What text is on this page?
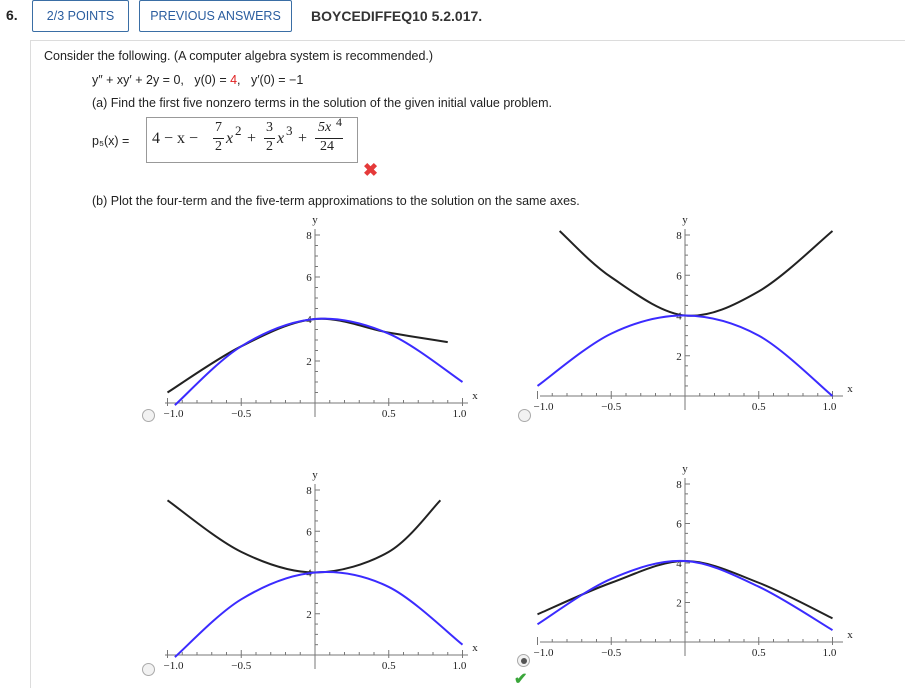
6.	2/3 POINTS	PREVIOUS ANSWERS	BOYCEDIFFEQ10 5.2.017.
Consider the following. (A computer algebra system is recommended.)
y″ + xy′ + 2y = 0, y(0) = 4, y′(0) = −1
(a) Find the first five nonzero terms in the solution of the given initial value problem.
p₅(x) = 4 − x −
7
2 x 2 +
3
2 x 3 +
5x 4
24
✖
(b) Plot the four-term and the five-term approximations to the solution on the same axes.
✔
−1.0	−0.5	0.5	1.0
x
y
8
6
4
2
−1.0	−0.5	0.5	1.0
x
y
8
6
4
2
−1.0	−0.5	0.5	1.0
x
y
8
6
4
2
−1.0	−0.5	0.5	1.0
x
y
8
6
4
2
